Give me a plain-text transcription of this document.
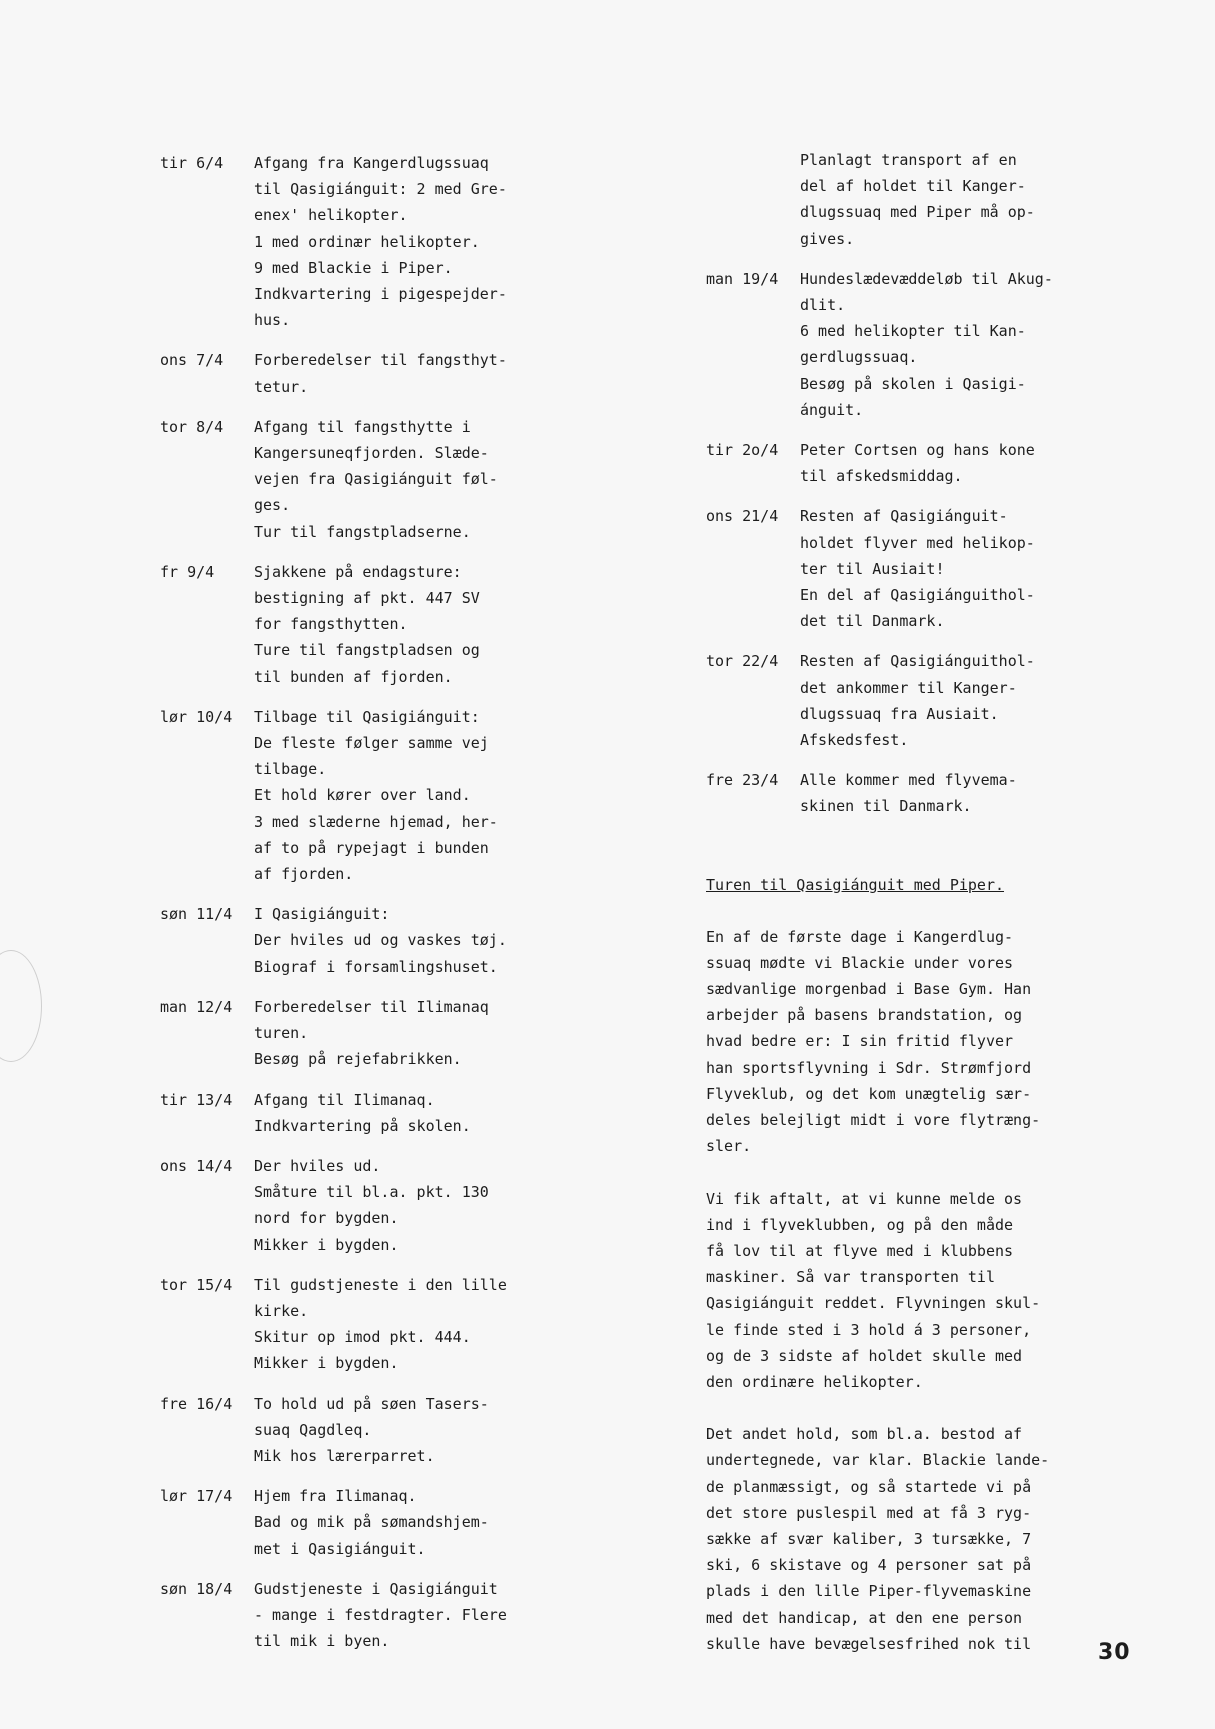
tir 6/4	Afgang fra Kangerdlugssuaq
til Qasigiánguit: 2 med Gre-
enex' helikopter.
1 med ordinær helikopter.
9 med Blackie i Piper.
Indkvartering i pigespejder-
hus.
ons 7/4	Forberedelser til fangsthyt-
tetur.
tor 8/4	Afgang til fangsthytte i
Kangersuneqfjorden. Slæde-
vejen fra Qasigiánguit føl-
ges.
Tur til fangstpladserne.
fr 9/4	Sjakkene på endagsture:
bestigning af pkt. 447 SV
for fangsthytten.
Ture til fangstpladsen og
til bunden af fjorden.
lør 10/4	Tilbage til Qasigiánguit:
De fleste følger samme vej
tilbage.
Et hold kører over land.
3 med slæderne hjemad, her-
af to på rypejagt i bunden
af fjorden.
søn 11/4	I Qasigiánguit:
Der hviles ud og vaskes tøj.
Biograf i forsamlingshuset.
man 12/4	Forberedelser til Ilimanaq
turen.
Besøg på rejefabrikken.
tir 13/4	Afgang til Ilimanaq.
Indkvartering på skolen.
ons 14/4	Der hviles ud.
Småture til bl.a. pkt. 130
nord for bygden.
Mikker i bygden.
tor 15/4	Til gudstjeneste i den lille
kirke.
Skitur op imod pkt. 444.
Mikker i bygden.
fre 16/4	To hold ud på søen Tasers-
suaq Qagdleq.
Mik hos lærerparret.
lør 17/4	Hjem fra Ilimanaq.
Bad og mik på sømandshjem-
met i Qasigiánguit.
søn 18/4	Gudstjeneste i Qasigiánguit
- mange i festdragter. Flere
til mik i byen.
Planlagt transport af en
del af holdet til Kanger-
dlugssuaq med Piper må op-
gives.
man 19/4	Hundeslædevæddeløb til Akug-
dlit.
6 med helikopter til Kan-
gerdlugssuaq.
Besøg på skolen i Qasigi-
ánguit.
tir 2o/4	Peter Cortsen og hans kone
til afskedsmiddag.
ons 21/4	Resten af Qasigiánguit-
holdet flyver med helikop-
ter til Ausiait!
En del af Qasigiánguithol-
det til Danmark.
tor 22/4	Resten af Qasigiánguithol-
det ankommer til Kanger-
dlugssuaq fra Ausiait.
Afskedsfest.
fre 23/4	Alle kommer med flyvema-
skinen til Danmark.
Turen til Qasigiánguit med Piper.
En af de første dage i Kangerdlug-
ssuaq mødte vi Blackie under vores
sædvanlige morgenbad i Base Gym. Han
arbejder på basens brandstation, og
hvad bedre er: I sin fritid flyver
han sportsflyvning i Sdr. Strømfjord
Flyveklub, og det kom unægtelig sær-
deles belejligt midt i vore flytræng-
sler.
Vi fik aftalt, at vi kunne melde os
ind i flyveklubben, og på den måde
få lov til at flyve med i klubbens
maskiner. Så var transporten til
Qasigiánguit reddet. Flyvningen skul-
le finde sted i 3 hold á 3 personer,
og de 3 sidste af holdet skulle med
den ordinære helikopter.
Det andet hold, som bl.a. bestod af
undertegnede, var klar. Blackie lande-
de planmæssigt, og så startede vi på
det store puslespil med at få 3 ryg-
sække af svær kaliber, 3 tursække, 7
ski, 6 skistave og 4 personer sat på
plads i den lille Piper-flyvemaskine
med det handicap, at den ene person
skulle have bevægelsesfrihed nok til	30
